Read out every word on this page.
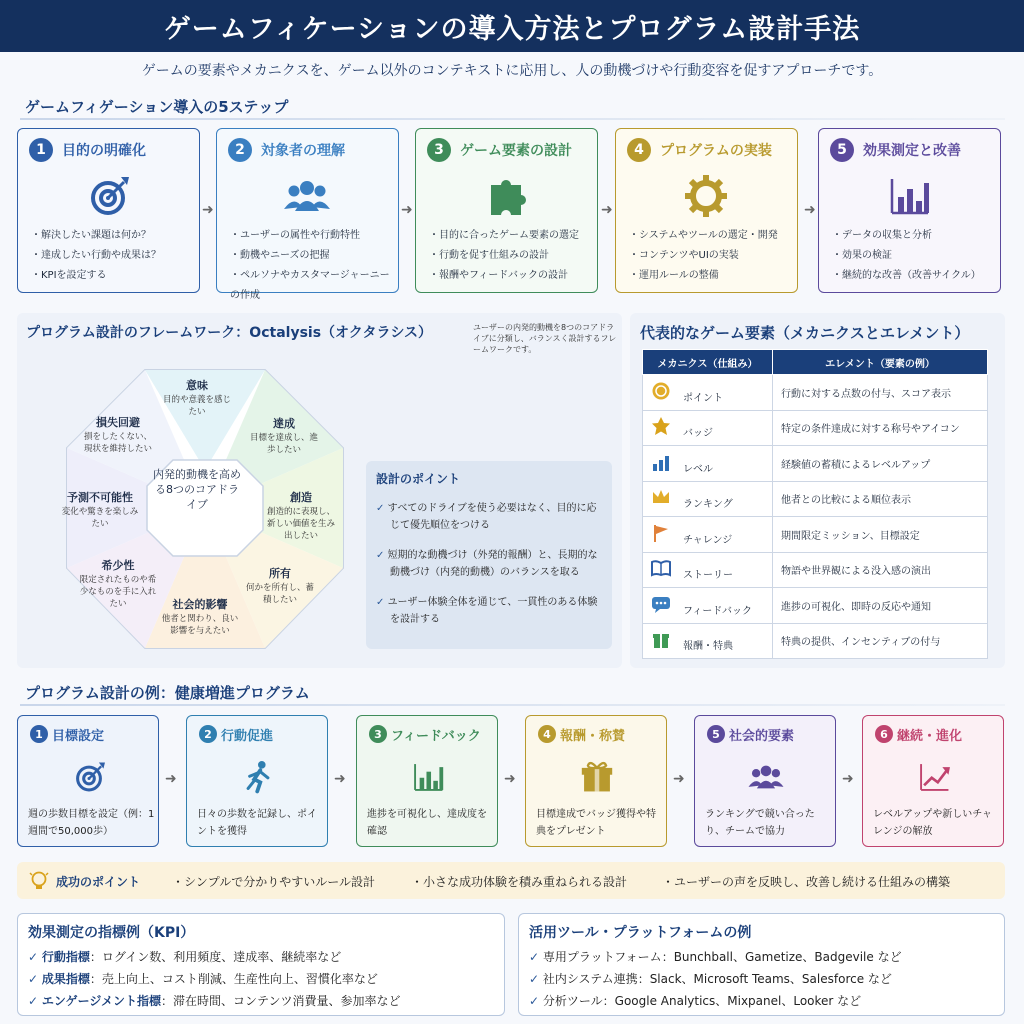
ゲームフィケーションの導入方法とプログラム設計手法
ゲームの要素やメカニクスを、ゲーム以外のコンテキストに応用し、人の動機づけや行動変容を促すアプローチです。
ゲームフィゲーション導入の5ステップ
1	目的の明確化
・ 解決したい課題は何か？
・ 達成したい行動や成果は？
・ KPIを設定する
➜
2	対象者の理解
・ ユーザーの属性や行動特性
・ 動機やニーズの把握
・ ペルソナやカスタマージャーニーの作成
➜
3	ゲーム要素の設計
・ 目的に合ったゲーム要素の選定
・ 行動を促す仕組みの設計
・ 報酬やフィードバックの設計
➜
4	プログラムの実装
・ システムやツールの選定・開発
・ コンテンツやUIの実装
・ 運用ルールの整備
➜
5	効果測定と改善
・ データの収集と分析
・ 効果の検証
・ 継続的な改善（改善サイクル）
プログラム設計のフレームワーク：Octalysis（オクタラシス）	ユーザーの内発的動機を8つのコアドライブに分類し、バランスく設計するフレームワークです。
内発的動機を高める8つのコアドライブ
意味
目的や意義を感じたい
達成
目標を達成し、進歩したい
創造
創造的に表現し、新しい価値を生み出したい
所有
何かを所有し、蓄積したい
社会的影響
他者と関わり、良い影響を与えたい
希少性
限定されたものや希少なものを手に入れたい
予測不可能性
変化や驚きを楽しみたい
損失回避
損をしたくない、現状を維持したい
設計のポイント
✓ すべてのドライブを使う必要はなく、目的に応じて優先順位をつける
✓ 短期的な動機づけ（外発的報酬）と、長期的な動機づけ（内発的動機）のバランスを取る
✓ ユーザー体験全体を通じて、一貫性のある体験を設計する
代表的なゲーム要素（メカニクスとエレメント）
メカニクス（仕組み）	エレメント（要素の例）
ポイント	行動に対する点数の付与、スコア表示
バッジ	特定の条件達成に対する称号やアイコン
レベル	経験値の蓄積によるレベルアップ
ランキング	他者との比較による順位表示
チャレンジ	期間限定ミッション、目標設定
ストーリー	物語や世界観による没入感の演出
フィードバック	進捗の可視化、即時の反応や通知
報酬・特典	特典の提供、インセンティブの付与
プログラム設計の例：健康増進プログラム
1 目標設定
週の歩数目標を設定（例：1週間で50,000歩）
➜
2 行動促進
日々の歩数を記録し、ポイントを獲得
➜
3 フィードバック
進捗を可視化し、達成度を確認
➜
4 報酬・称賛
目標達成でバッジ獲得や特典をプレゼント
➜
5 社会的要素
ランキングで競い合ったり、チームで協力
➜
6 継続・進化
レベルアップや新しいチャレンジの解放
成功のポイント	・シンプルで分かりやすいルール設計	・小さな成功体験を積み重ねられる設計	・ユーザーの声を反映し、改善し続ける仕組みの構築
効果測定の指標例（KPI）
✓ 行動指標：ログイン数、利用頻度、達成率、継続率など
✓ 成果指標：売上向上、コスト削減、生産性向上、習慣化率など
✓ エンゲージメント指標：滞在時間、コンテンツ消費量、参加率など
活用ツール・プラットフォームの例
✓ 専用プラットフォーム：Bunchball、Gametize、Badgevile など
✓ 社内システム連携：Slack、Microsoft Teams、Salesforce など
✓ 分析ツール：Google Analytics、Mixpanel、Looker など
